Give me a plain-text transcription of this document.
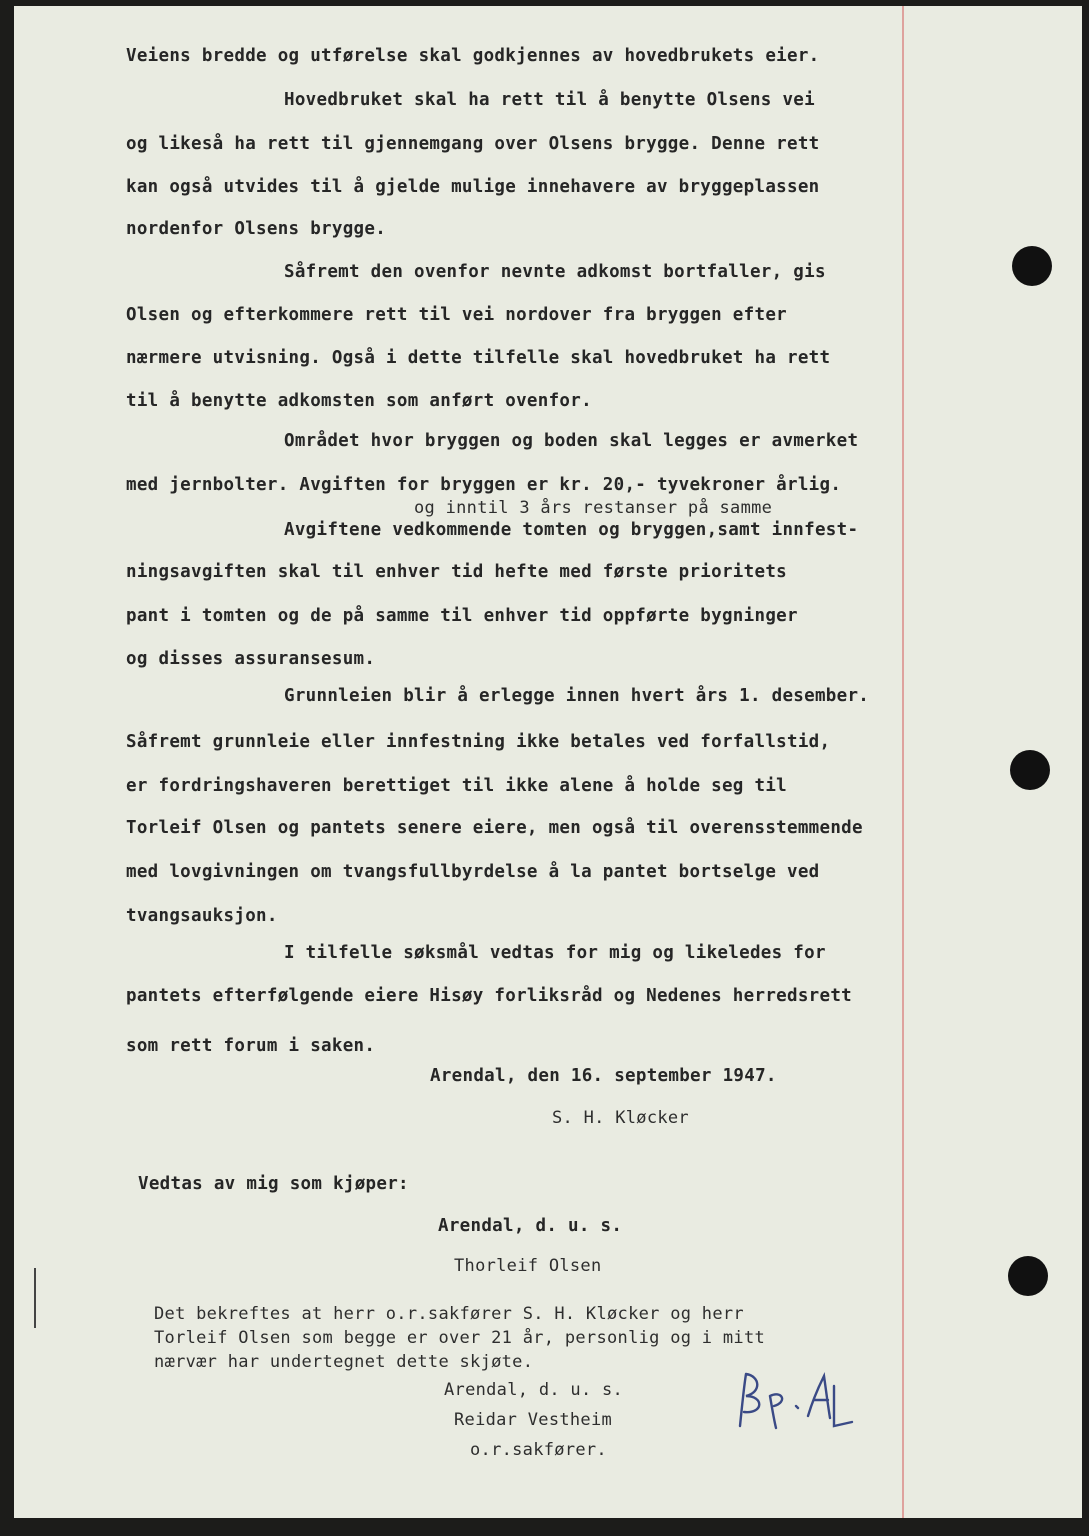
Veiens bredde og utførelse skal godkjennes av hovedbrukets eier.
Hovedbruket skal ha rett til å benytte Olsens vei
og likeså ha rett til gjennemgang over Olsens brygge. Denne rett
kan også utvides til å gjelde mulige innehavere av bryggeplassen
nordenfor Olsens brygge.
Såfremt den ovenfor nevnte adkomst bortfaller, gis
Olsen og efterkommere rett til vei nordover fra bryggen efter
nærmere utvisning. Også i dette tilfelle skal hovedbruket ha rett
til å benytte adkomsten som anført ovenfor.
Området hvor bryggen og boden skal legges er avmerket
med jernbolter. Avgiften for bryggen er kr. 20,- tyvekroner årlig.
og inntil 3 års restanser på samme
Avgiftene vedkommende tomten og bryggen,samt innfest-
ningsavgiften skal til enhver tid hefte med første prioritets
pant i tomten og de på samme til enhver tid oppførte bygninger
og disses assuransesum.
Grunnleien blir å erlegge innen hvert års 1. desember.
Såfremt grunnleie eller innfestning ikke betales ved forfallstid,
er fordringshaveren berettiget til ikke alene å holde seg til
Torleif Olsen og pantets senere eiere, men også til overensstemmende
med lovgivningen om tvangsfullbyrdelse å la pantet bortselge ved
tvangsauksjon.
I tilfelle søksmål vedtas for mig og likeledes for
pantets efterfølgende eiere Hisøy forliksråd og Nedenes herredsrett
som rett forum i saken.
Arendal, den 16. september 1947.
S. H. Kløcker
Vedtas av mig som kjøper:
Arendal, d. u. s.
Thorleif Olsen
Det bekreftes at herr o.r.sakfører S. H. Kløcker og herr
Torleif Olsen som begge er over 21 år, personlig og i mitt
nærvær har undertegnet dette skjøte.
Arendal, d. u. s.
Reidar Vestheim
o.r.sakfører.
